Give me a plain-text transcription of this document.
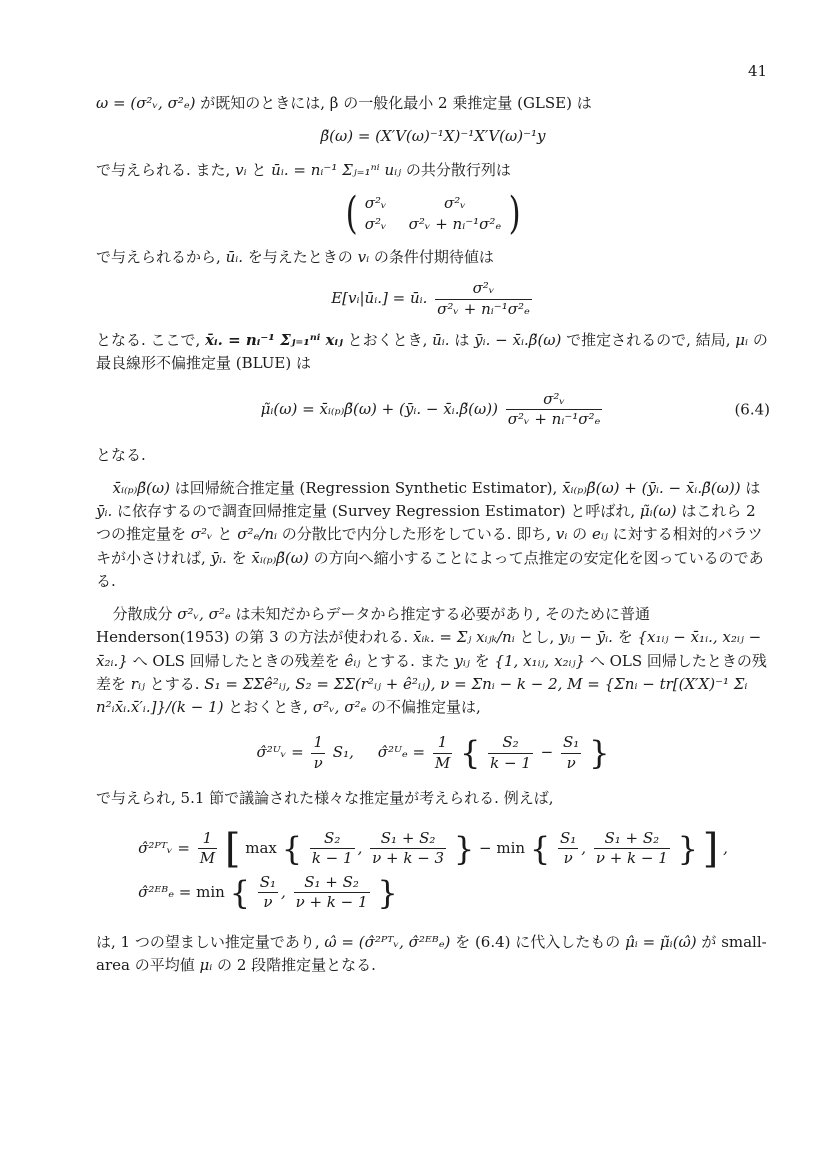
41

ω = (σ²ᵥ, σ²ₑ) が既知のときには, β の一般化最小 2 乗推定量 (GLSE) は

β̃(ω) = (X′V(ω)⁻¹X)⁻¹X′V(ω)⁻¹y

で与えられる. また, vᵢ と ūᵢ. = nᵢ⁻¹ Σⱼ₌₁ⁿⁱ uᵢⱼ の共分散行列は

( σ²ᵥ	σ²ᵥ
σ²ᵥ σ²ᵥ + nᵢ⁻¹σ²ₑ )

で与えられるから, ūᵢ. を与えたときの vᵢ の条件付期待値は

E[vᵢ|ūᵢ.] = ūᵢ. $\frac{\text{σ²ᵥ}}{\text{σ²ᵥ + nᵢ⁻¹σ²ₑ}}$

となる. ここで, x̄ᵢ. = nᵢ⁻¹ Σⱼ₌₁ⁿⁱ xᵢⱼ とおくとき, ūᵢ. は ȳᵢ. − x̄ᵢ.β̃(ω) で推定されるので, 結局, μᵢ の最良線形不偏推定量 (BLUE) は

μ̃ᵢ(ω) = x̄ᵢ₍ₚ₎β̃(ω) + (ȳᵢ. − x̄ᵢ.β̃(ω)) $\frac{\text{σ²ᵥ}}{\text{σ²ᵥ + nᵢ⁻¹σ²ₑ}}$	(6.4)

となる.

x̄ᵢ₍ₚ₎β̃(ω) は回帰統合推定量 (Regression Synthetic Estimator), x̄ᵢ₍ₚ₎β̃(ω) + (ȳᵢ. − x̄ᵢ.β̃(ω)) は ȳᵢ. に依存するので調査回帰推定量 (Survey Regression Estimator) と呼ばれ, μ̃ᵢ(ω) はこれら 2 つの推定量を σ²ᵥ と σ²ₑ/nᵢ の分散比で内分した形をしている. 即ち, vᵢ の eᵢⱼ に対する相対的バラツキが小さければ, ȳᵢ. を x̄ᵢ₍ₚ₎β̃(ω) の方向へ縮小することによって点推定の安定化を図っているのである.

分散成分 σ²ᵥ, σ²ₑ は未知だからデータから推定する必要があり, そのために普通 Henderson(1953) の第 3 の方法が使われる. x̄ᵢₖ. = Σⱼ xᵢⱼₖ/nᵢ とし, yᵢⱼ − ȳᵢ. を {x₁ᵢⱼ − x̄₁ᵢ., x₂ᵢⱼ − x̄₂ᵢ.} へ OLS 回帰したときの残差を êᵢⱼ とする. また yᵢⱼ を {1, x₁ᵢⱼ, x₂ᵢⱼ} へ OLS 回帰したときの残差を rᵢⱼ とする. S₁ = ΣΣê²ᵢⱼ, S₂ = ΣΣ(r²ᵢⱼ + ê²ᵢⱼ), ν = Σnᵢ − k − 2, M = {Σnᵢ − tr[(X′X)⁻¹ Σᵢ n²ᵢx̄ᵢ.x̄′ᵢ.]}/(k − 1) とおくとき, σ²ᵥ, σ²ₑ の不偏推定量は,

σ̂²ᵁᵥ = $\frac{1}{\nu} S_1$, σ̂²ᵁₑ = $\frac{1}{M}$ { $\frac{\text{S₂}}{k - 1} - \frac{\text{S₁}}{\nu}$ }

で与えられ, 5.1 節で議論された様々な推定量が考えられる. 例えば,

σ̂²ᴾᵀᵥ = $\frac{1}{M}$ [ max { $\frac{\text{S₂}}{k - 1}$ , $\frac{\text{S₁ + S₂}}{\nu + k - 3}$ } − min { $\frac{\text{S₁}}{\nu}$ , $\frac{\text{S₁ + S₂}}{\nu + k - 1}$ } ] ,
σ̂²ᴱᴮₑ = min { $\frac{\text{S₁}}{\nu}$ , $\frac{\text{S₁ + S₂}}{\nu + k - 1}$ }

は, 1 つの望ましい推定量であり, ω̂ = (σ̂²ᴾᵀᵥ, σ̂²ᴱᴮₑ) を (6.4) に代入したもの μ̂ᵢ = μ̃ᵢ(ω̂) が small-area の平均値 μᵢ の 2 段階推定量となる.
